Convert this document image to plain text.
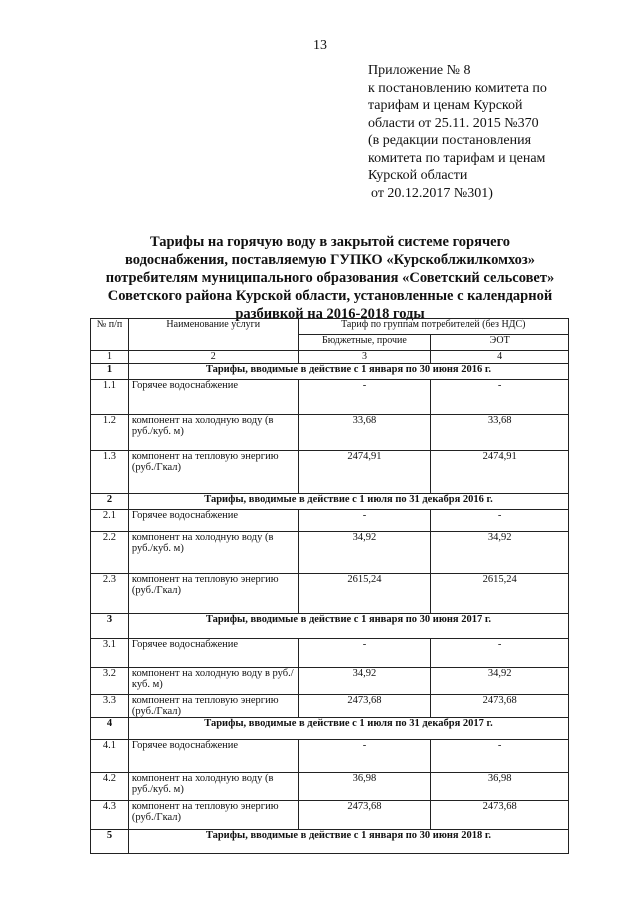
13
Приложение № 8
к постановлению комитета по
тарифам и ценам Курской
области от 25.11. 2015 №370
(в редакции постановления
комитета по тарифам и ценам
Курской области
от 20.12.2017 №301)
Тарифы на горячую воду в закрытой системе горячего
водоснабжения, поставляемую ГУПКО «Курскоблжилкомхоз»
потребителям муниципального образования «Советский сельсовет»
Советского района Курской области, установленные с календарной
разбивкой на 2016-2018 годы
№ п/п	Наименование услуги	Тариф по группам потребителей (без НДС)	
		Бюджетные, прочие	ЭОТ
1	2	3	4
1	Тарифы, вводимые в действие с 1 января по 30 июня 2016 г.		
1.1	Горячее водоснабжение	-	-
1.2	компонент на холодную воду (в руб./куб. м)	33,68	33,68
1.3	компонент на тепловую энергию (руб./Гкал)	2474,91	2474,91
2	Тарифы, вводимые в действие с 1 июля по 31 декабря 2016 г.		
2.1	Горячее водоснабжение	-	-
2.2	компонент на холодную воду (в руб./куб. м)	34,92	34,92
2.3	компонент на тепловую энергию (руб./Гкал)	2615,24	2615,24
3	Тарифы, вводимые в действие с 1 января по 30 июня 2017 г.		
3.1	Горячее водоснабжение	-	-
3.2	компонент на холодную воду в руб./куб. м)	34,92	34,92
3.3	компонент на тепловую энергию (руб./Гкал)	2473,68	2473,68
4	Тарифы, вводимые в действие с 1 июля по 31 декабря 2017 г.		
4.1	Горячее водоснабжение	-	-
4.2	компонент на холодную воду (в руб./куб. м)	36,98	36,98
4.3	компонент на тепловую энергию (руб./Гкал)	2473,68	2473,68
5	Тарифы, вводимые в действие с 1 января по 30 июня 2018 г.		
